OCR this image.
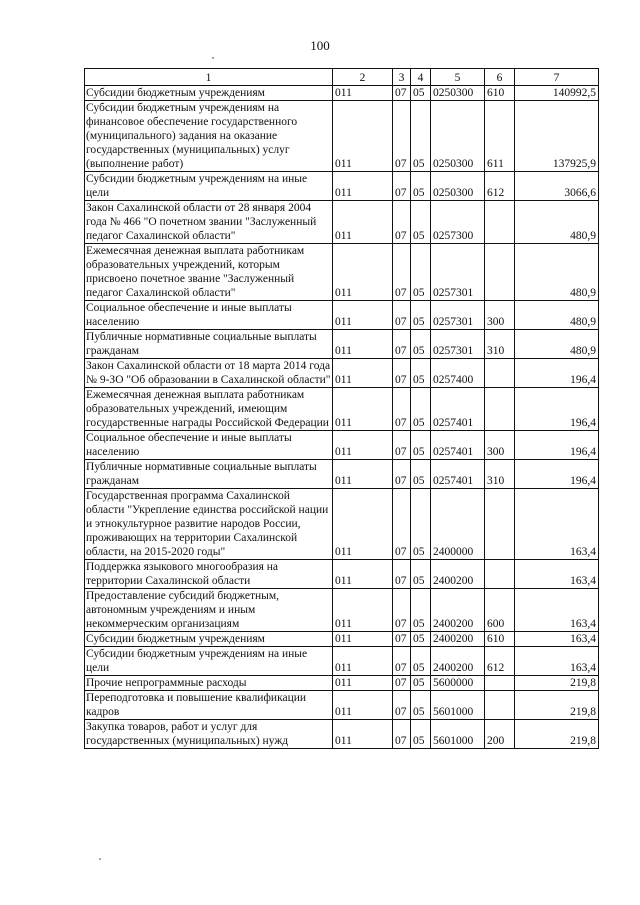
100
1	2	3	4	5	6	7
Субсидии бюджетным учреждениям	011	07	05	0250300	610	140992,5
Субсидии бюджетным учреждениям на финансовое обеспечение государственного (муниципального) задания на оказание государственных (муниципальных) услуг (выполнение работ)	011	07	05	0250300	611	137925,9
Субсидии бюджетным учреждениям на иные цели	011	07	05	0250300	612	3066,6
Закон Сахалинской области от 28 января 2004 года № 466 "О почетном звании "Заслуженный педагог Сахалинской области"	011	07	05	0257300		480,9
Ежемесячная денежная выплата работникам образовательных учреждений, которым присвоено почетное звание "Заслуженный педагог Сахалинской области"	011	07	05	0257301		480,9
Социальное обеспечение и иные выплаты населению	011	07	05	0257301	300	480,9
Публичные нормативные социальные выплаты гражданам	011	07	05	0257301	310	480,9
Закон Сахалинской области от 18 марта 2014 года № 9-ЗО "Об образовании в Сахалинской области"	011	07	05	0257400		196,4
Ежемесячная денежная выплата работникам образовательных учреждений, имеющим государственные награды Российской Федерации	011	07	05	0257401		196,4
Социальное обеспечение и иные выплаты населению	011	07	05	0257401	300	196,4
Публичные нормативные социальные выплаты гражданам	011	07	05	0257401	310	196,4
Государственная программа Сахалинской области "Укрепление единства российской нации и этнокультурное развитие народов России, проживающих на территории Сахалинской области, на 2015-2020 годы"	011	07	05	2400000		163,4
Поддержка языкового многообразия на территории Сахалинской области	011	07	05	2400200		163,4
Предоставление субсидий бюджетным, автономным учреждениям и иным некоммерческим организациям	011	07	05	2400200	600	163,4
Субсидии бюджетным учреждениям	011	07	05	2400200	610	163,4
Субсидии бюджетным учреждениям на иные цели	011	07	05	2400200	612	163,4
Прочие непрограммные расходы	011	07	05	5600000		219,8
Переподготовка и повышение квалификации кадров	011	07	05	5601000		219,8
Закупка товаров, работ и услуг для государственных (муниципальных) нужд	011	07	05	5601000	200	219,8
